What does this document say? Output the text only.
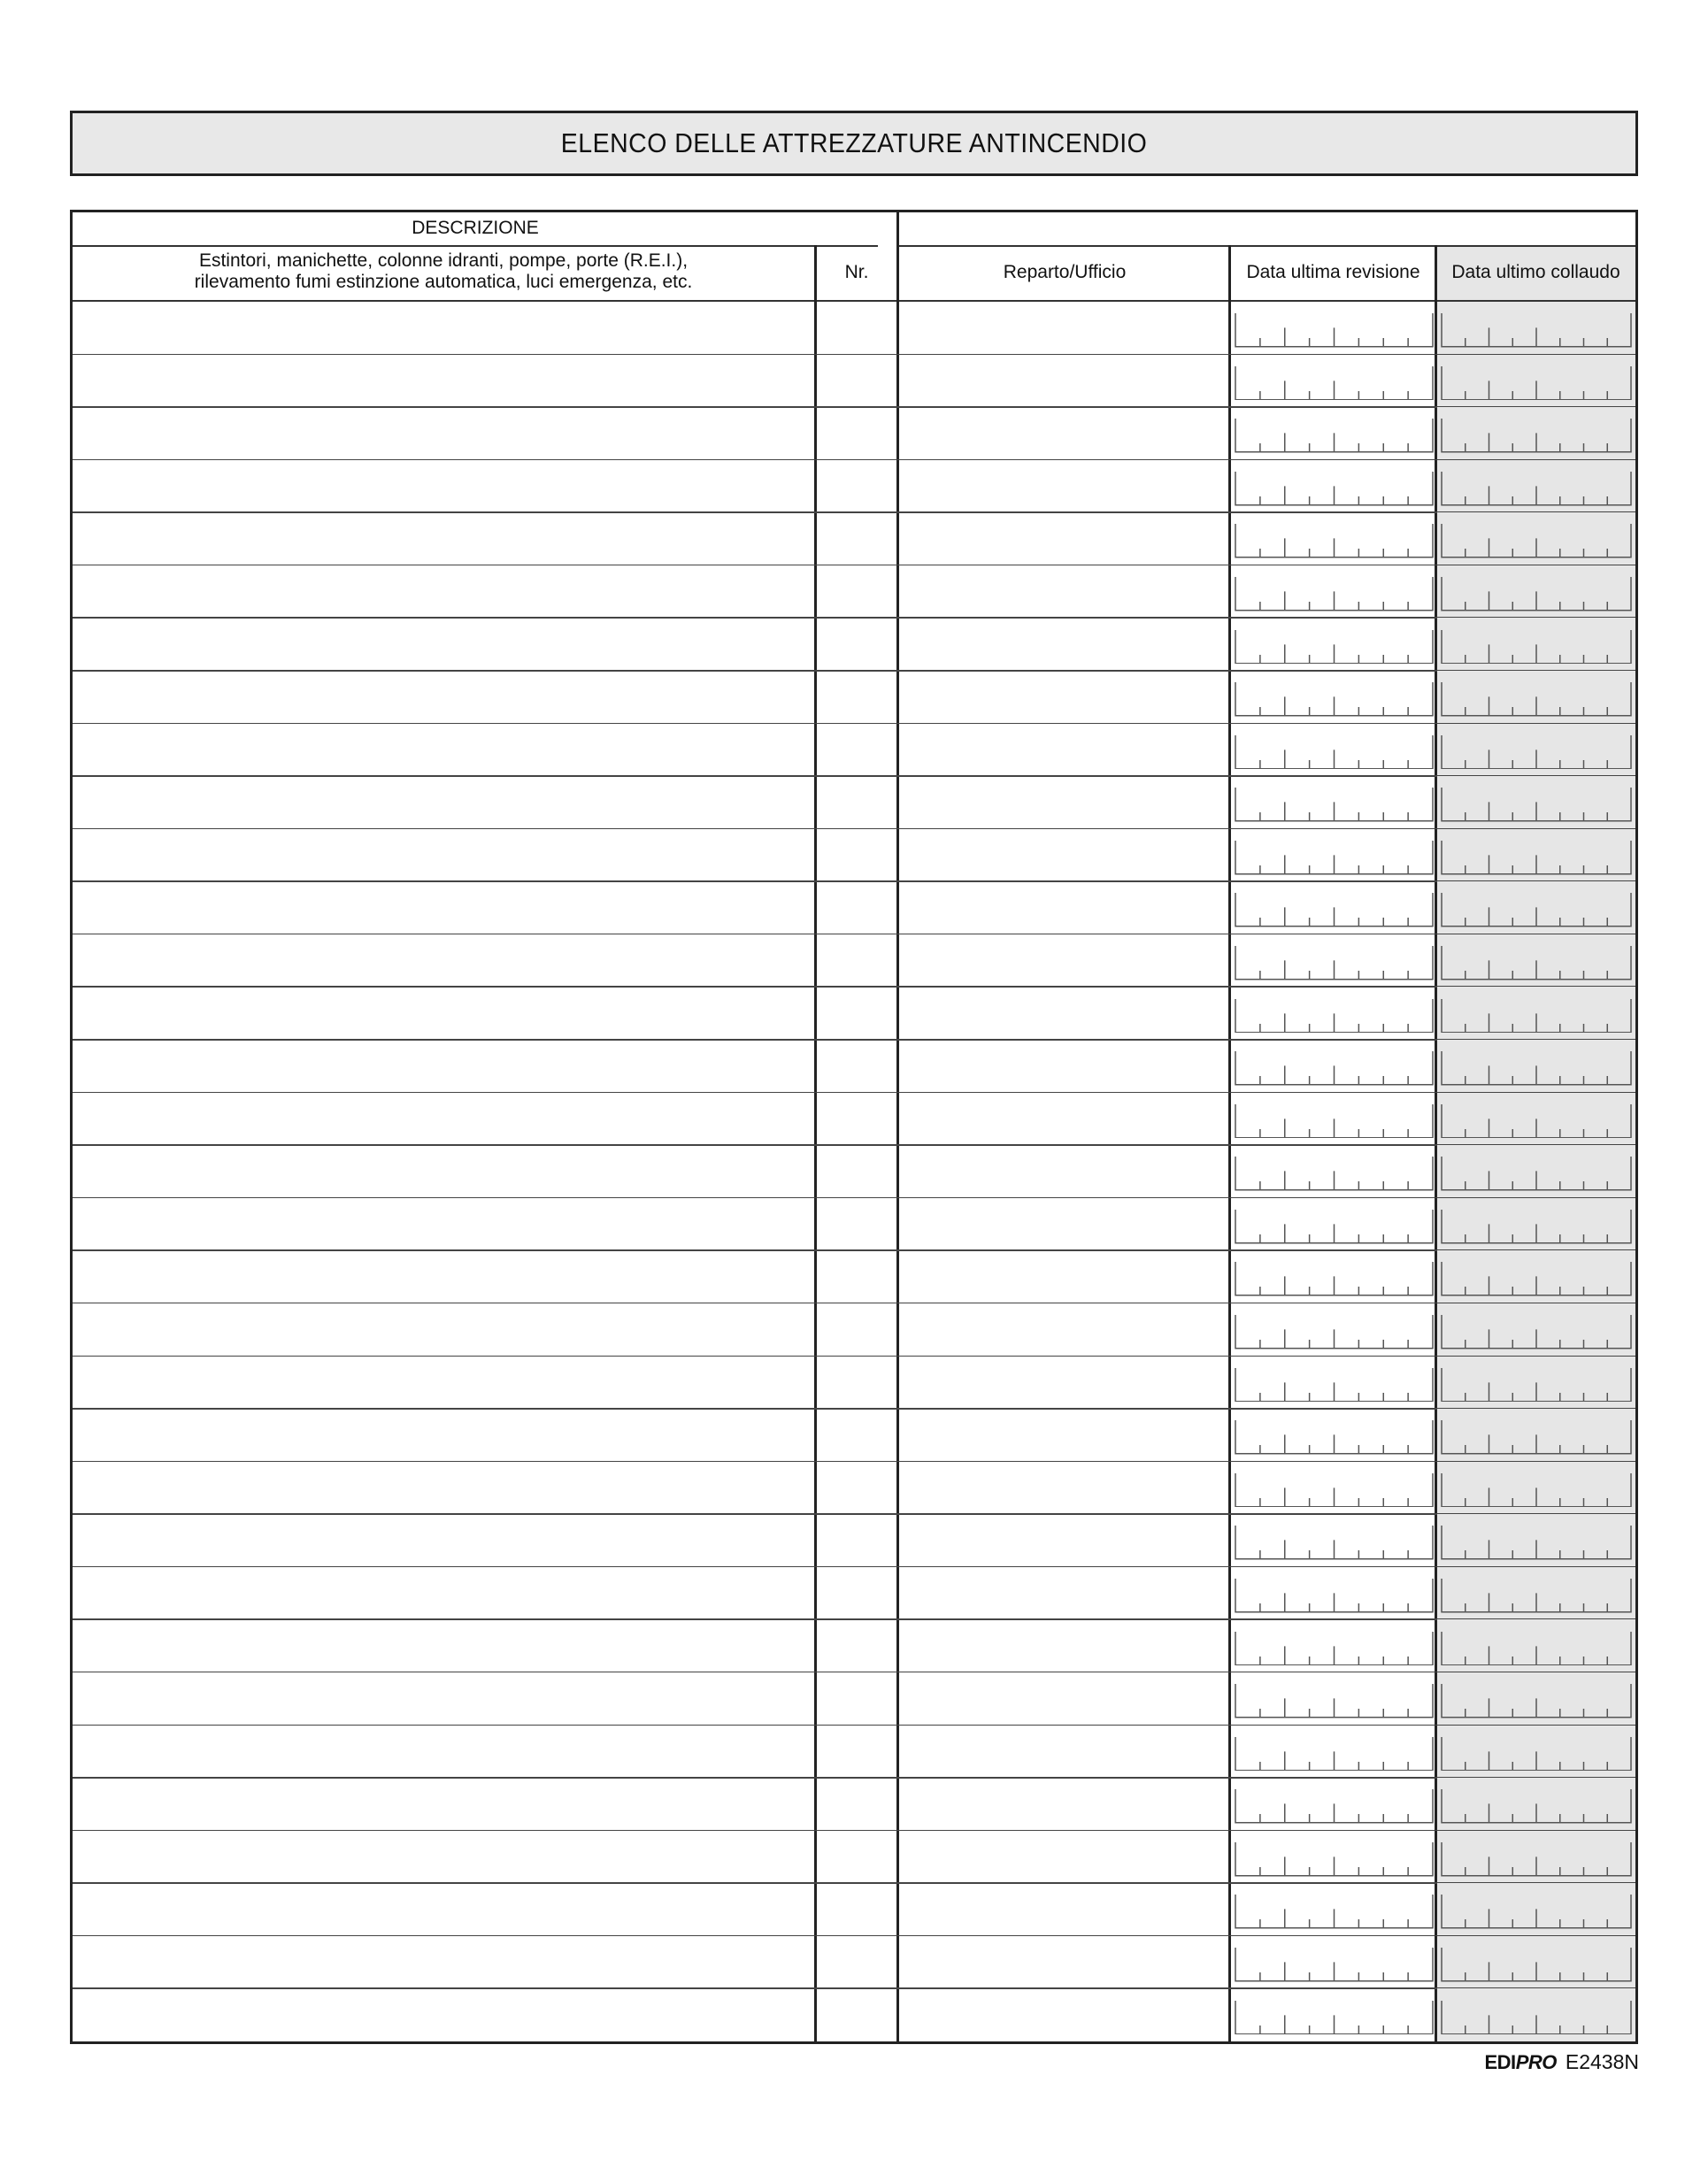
ELENCO DELLE ATTREZZATURE ANTINCENDIO
DESCRIZIONE
Estintori, manichette, colonne idranti, pompe, porte (R.E.I.),
rilevamento fumi estinzione automatica, luci emergenza, etc.	Nr.	Reparto/Ufficio	Data ultima revisione	Data ultimo collaudo
EDIPRO E2438N
